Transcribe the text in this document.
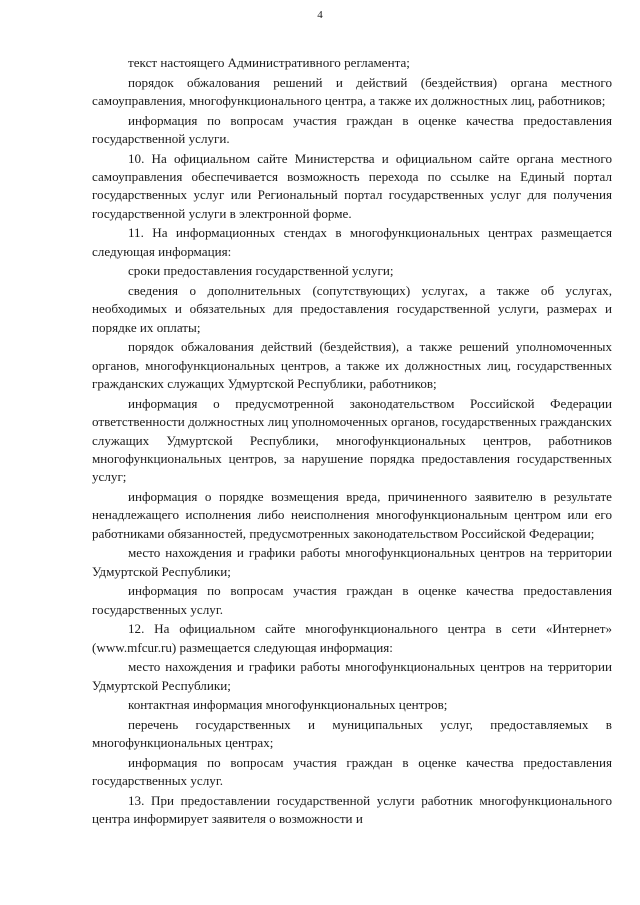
4

текст настоящего Административного регламента;

порядок обжалования решений и действий (бездействия) органа местного самоуправления, многофункционального центра, а также их должностных лиц, работников;

информация по вопросам участия граждан в оценке качества предоставления государственной услуги.

10. На официальном сайте Министерства и официальном сайте органа местного самоуправления обеспечивается возможность перехода по ссылке на Единый портал государственных услуг или Региональный портал государственных услуг для получения государственной услуги в электронной форме.

11. На информационных стендах в многофункциональных центрах размещается следующая информация:

сроки предоставления государственной услуги;

сведения о дополнительных (сопутствующих) услугах, а также об услугах, необходимых и обязательных для предоставления государственной услуги, размерах и порядке их оплаты;

порядок обжалования действий (бездействия), а также решений уполномоченных органов, многофункциональных центров, а также их должностных лиц, государственных гражданских служащих Удмуртской Республики, работников;

информация о предусмотренной законодательством Российской Федерации ответственности должностных лиц уполномоченных органов, государственных гражданских служащих Удмуртской Республики, многофункциональных центров, работников многофункциональных центров, за нарушение порядка предоставления государственных услуг;

информация о порядке возмещения вреда, причиненного заявителю в результате ненадлежащего исполнения либо неисполнения многофункциональным центром или его работниками обязанностей, предусмотренных законодательством Российской Федерации;

место нахождения и графики работы многофункциональных центров на территории Удмуртской Республики;

информация по вопросам участия граждан в оценке качества предоставления государственных услуг.

12. На официальном сайте многофункционального центра в сети «Интернет» (www.mfcur.ru) размещается следующая информация:

место нахождения и графики работы многофункциональных центров на территории Удмуртской Республики;

контактная информация многофункциональных центров;

перечень государственных и муниципальных услуг, предоставляемых в многофункциональных центрах;

информация по вопросам участия граждан в оценке качества предоставления государственных услуг.

13. При предоставлении государственной услуги работник многофункционального центра информирует заявителя о возможности и
